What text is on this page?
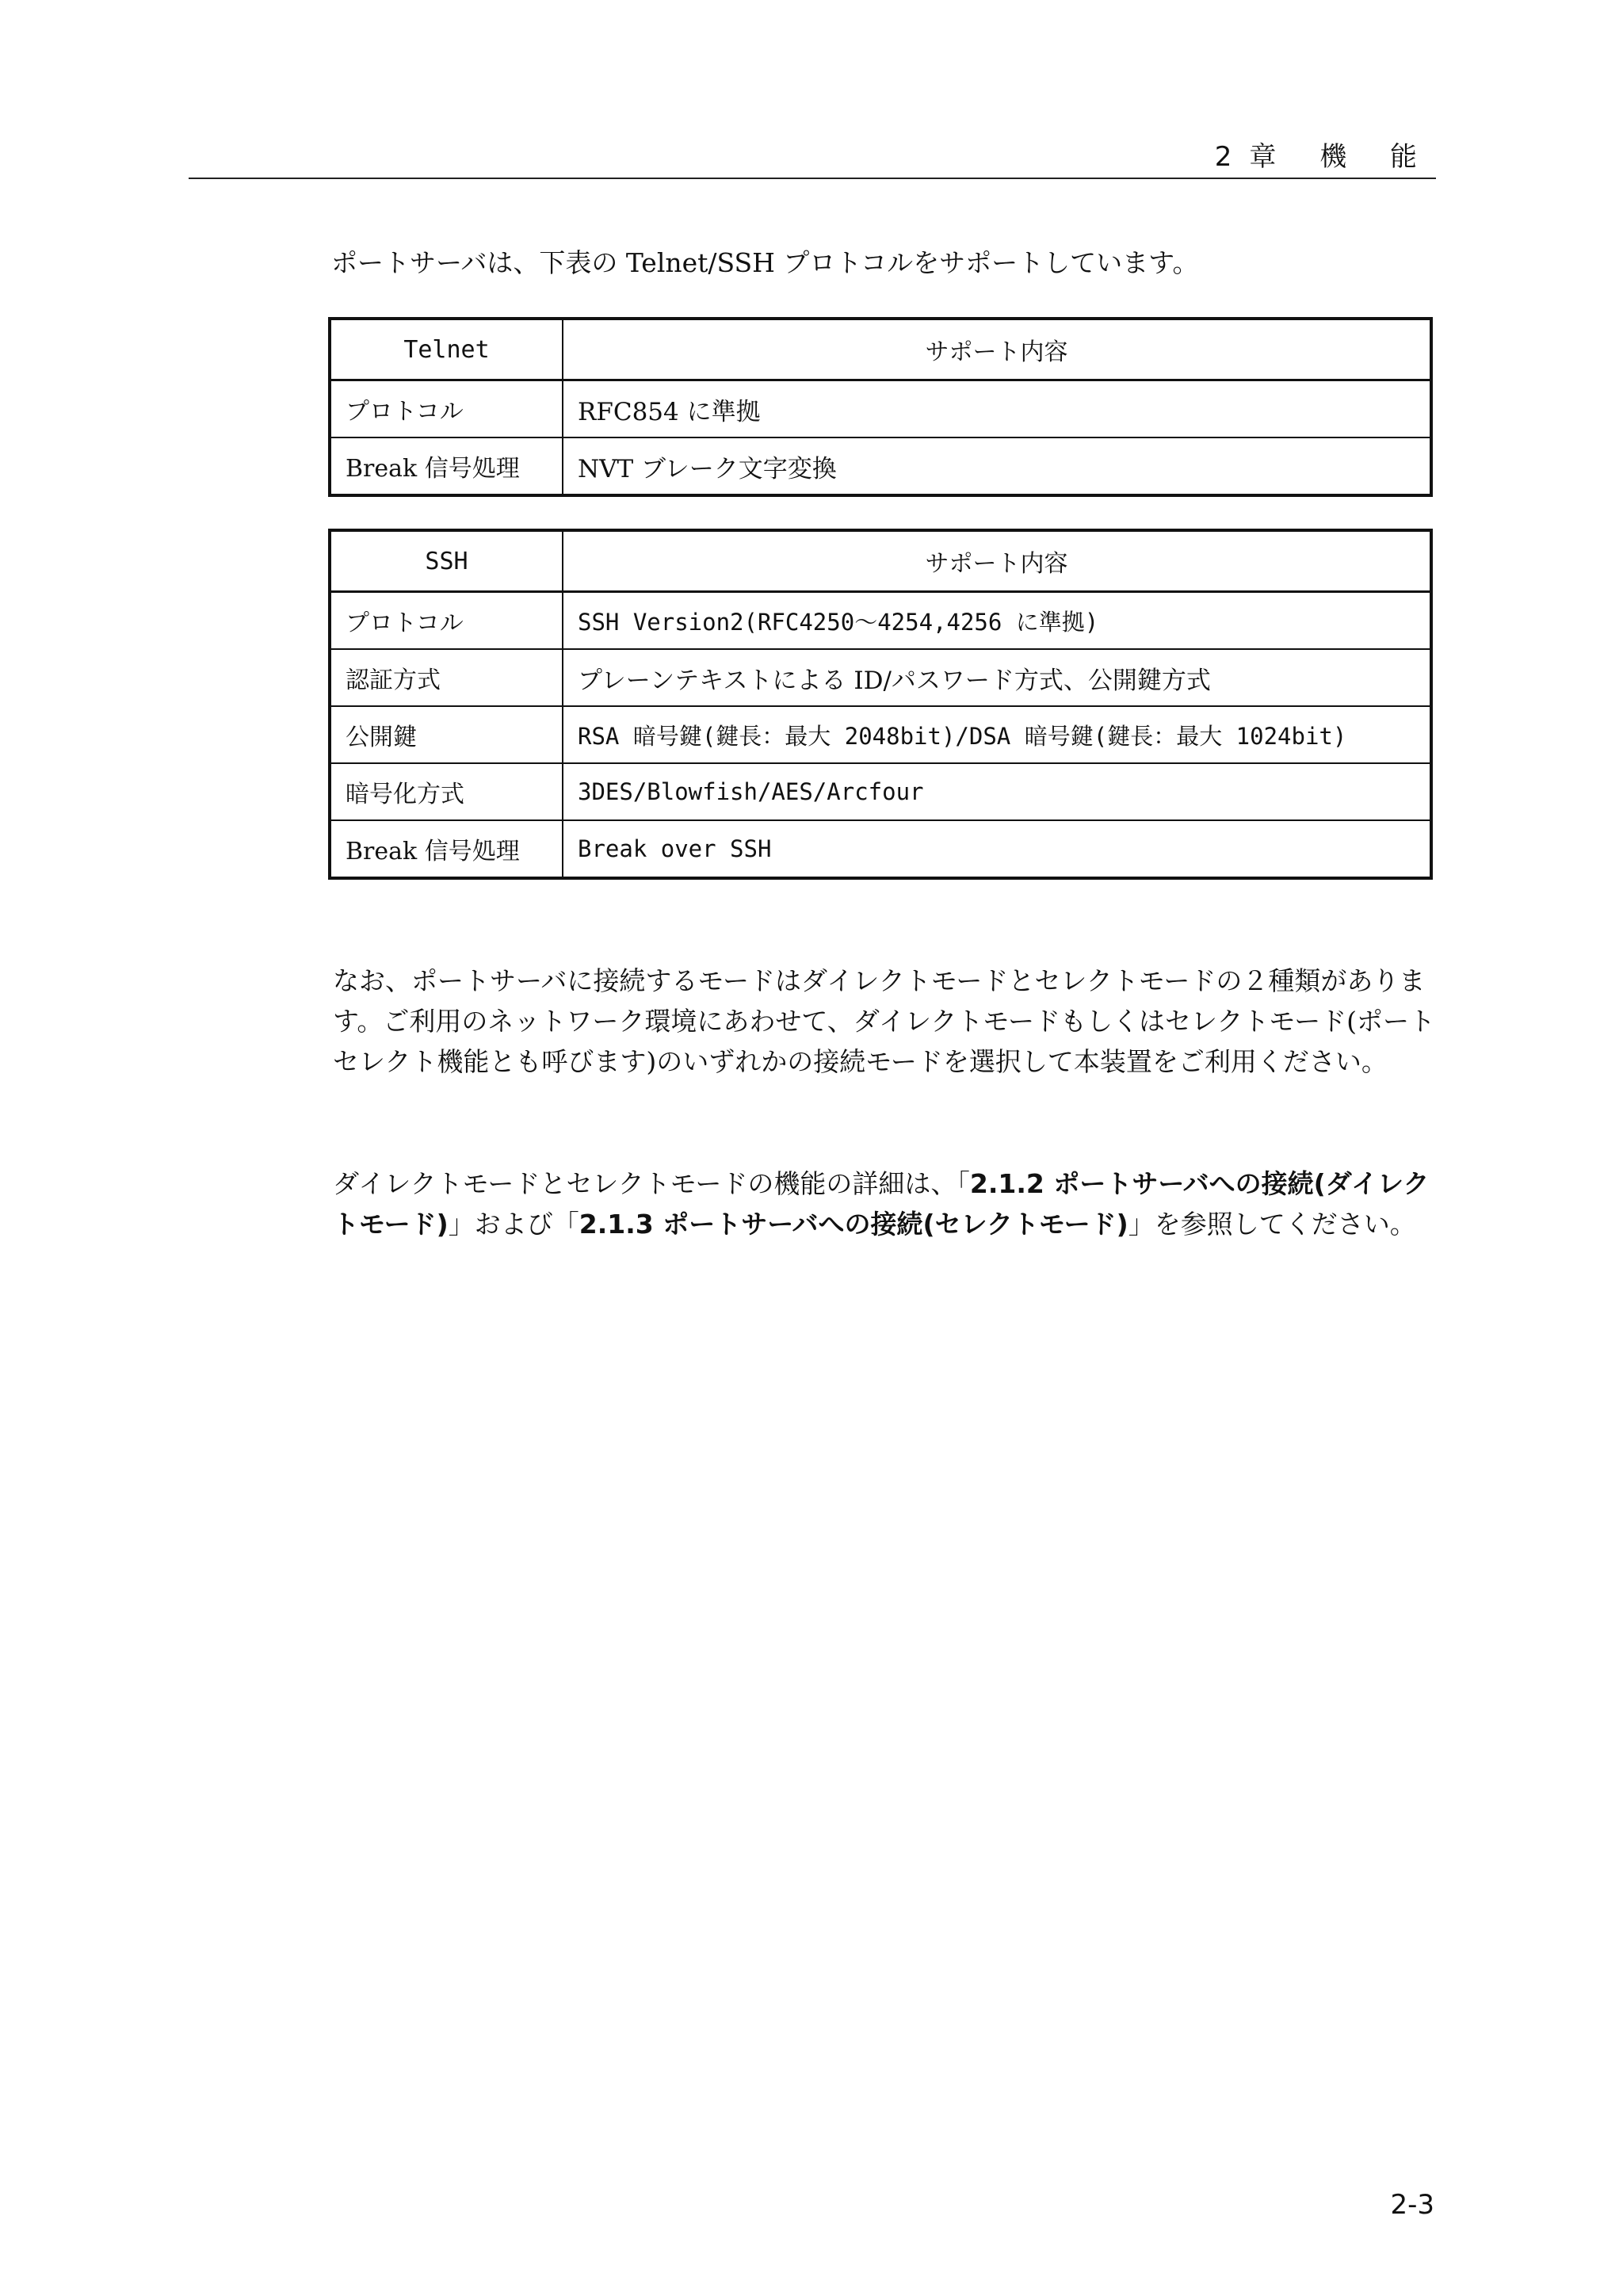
2章 機 能
ポートサーバは、下表の Telnet/SSH プロトコルをサポートしています。
Telnet	サポート内容
プロトコル	RFC854 に準拠
Break 信号処理	NVT ブレーク文字変換
SSH	サポート内容
プロトコル	SSH Version2(RFC4250～4254,4256 に準拠)
認証方式	プレーンテキストによる ID/パスワード方式、公開鍵方式
公開鍵	RSA 暗号鍵(鍵長：最大 2048bit)/DSA 暗号鍵(鍵長：最大 1024bit)
暗号化方式	3DES/Blowfish/AES/Arcfour
Break 信号処理	Break over SSH

なお、ポートサーバに接続するモードはダイレクトモードとセレクトモードの２種類があります。ご利用のネットワーク環境にあわせて、ダイレクトモードもしくはセレクトモード(ポートセレクト機能とも呼びます)のいずれかの接続モードを選択して本装置をご利用ください。

ダイレクトモードとセレクトモードの機能の詳細は、「2.1.2 ポートサーバへの接続(ダイレクトモード)」および「2.1.3 ポートサーバへの接続(セレクトモード)」を参照してください。

2-3
